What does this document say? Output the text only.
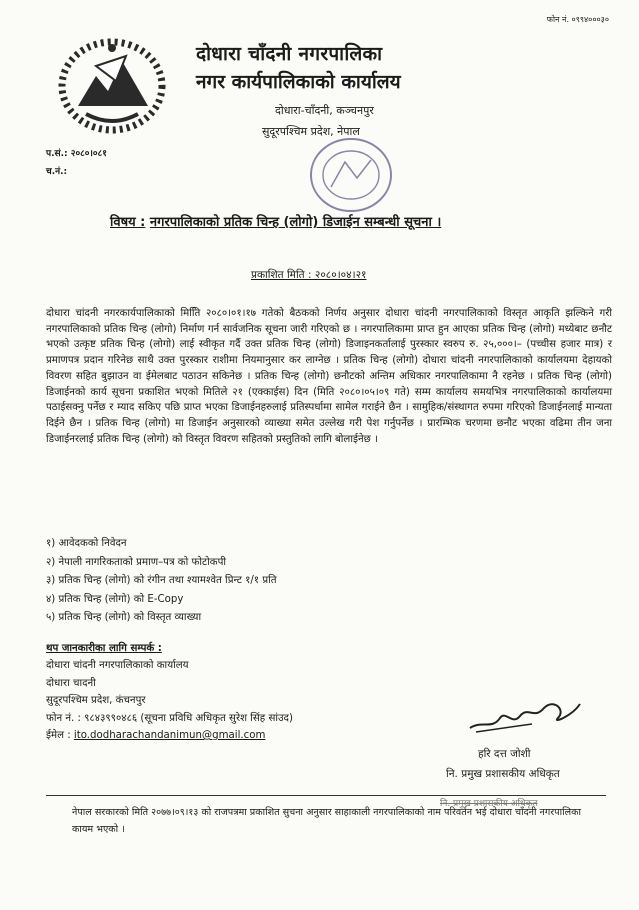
फोन नं. ०९९४०००३०
दोधारा चाँदनी नगरपालिका
नगर कार्यपालिकाको कार्यालय
दोधारा-चाँदनी, कञ्चनपुर
सुदूरपश्चिम प्रदेश, नेपाल
प.सं.: २०८०।०८१
च.नं.:
विषय : नगरपालिकाको प्रतिक चिन्ह (लोगो) डिजाईन सम्बन्धी सूचना ।
प्रकाशित मिति : २०८०।०४।२१
दोधारा चांदनी नगरकार्यपालिकाको मितिि २०८०।०१।१७ गतेको बैठकको निर्णय अनुसार दोधारा चांदनी नगरपालिकाको विस्तृत आकृति झल्किने गरी नगरपालिकाको प्रतिक चिन्ह (लोगो) निर्माण गर्न सार्वजनिक सूचना जारी गरिएको छ । नगरपालिकामा प्राप्त हुन आएका प्रतिक चिन्ह (लोगो) मध्येबाट छनौट भएको उत्कृष्ट प्रतिक चिन्ह (लोगो) लाई स्वीकृत गर्दै उक्त प्रतिक चिन्ह (लोगो) डिजाइनकर्तालाई पुरस्कार स्वरुप रु. २५,०००।– (पच्चीस हजार मात्र) र प्रमाणपत्र प्रदान गरिनेछ साथै उक्त पुरस्कार राशीमा नियमानुसार कर लाग्नेछ । प्रतिक चिन्ह (लोगो) दोधारा चांदनी नगरपालिकाको कार्यालयमा देहायको विवरण सहित बुझाउन वा ईमेलबाट पठाउन सकिनेछ । प्रतिक चिन्ह (लोगो) छनौटको अन्तिम अधिकार नगरपालिकामा नै रहनेछ । प्रतिक चिन्ह (लोगो) डिजाईनको कार्य सूचना प्रकाशित भएको मितिले २१ (एक्काईस) दिन (मिति २०८०।०५।०९ गते) सम्म कार्यालय समयभित्र नगरपालिकाको कार्यालयमा पठाईसक्नु पर्नेछ र म्याद सकिए पछि प्राप्त भएका डिजाईनहरुलाई प्रतिस्पर्धामा सामेल गराईने छैन । सामुहिक/संस्थागत रुपमा गरिएको डिजाईनलाई मान्यता दिईने छैन । प्रतिक चिन्ह (लोगो) मा डिजाईन अनुसारको व्याख्या समेत उल्लेख गरी पेश गर्नुपर्नेछ । प्रारम्भिक चरणमा छनौट भएका वढिमा तीन जना डिजाईनरलाई प्रतिक चिन्ह (लोगो) को विस्तृत विवरण सहितको प्रस्तुतिको लागि बोलाईनेछ ।
१) आवेदकको निवेदन
२) नेपाली नागरिकताको प्रमाण–पत्र को फोटोकपी
३) प्रतिक चिन्ह (लोगो) को रंगीन तथा श्यामश्वेत प्रिन्ट १/१ प्रति
४) प्रतिक चिन्ह (लोगो) को E-Copy
५) प्रतिक चिन्ह (लोगो) को विस्तृत व्याख्या
थप जानकारीका लागि सम्पर्क :
दोधारा चांदनी नगरपालिकाको कार्यालय
दोधारा चादनी
सुदूरपश्चिम प्रदेश, कंचनपुर
फोन नं. : ९८४३९९०४८६ (सूचना प्रविधि अधिकृत सुरेश सिंह सांउद)
ईमेल : ito.dodharachandanimun@gmail.com
हरि दत्त जोशी
नि. प्रमुख प्रशासकीय अधिकृत
नि. प्रमुख प्रशासकीय अधिकृत
नेपाल सरकारको मिति २०७७।०९।१३ को राजपत्रमा प्रकाशित सुचना अनुसार साहाकाली नगरपालिकाको नाम परिवर्तन भई दोधारा चाँदनी नगरपालिका कायम भएको ।
